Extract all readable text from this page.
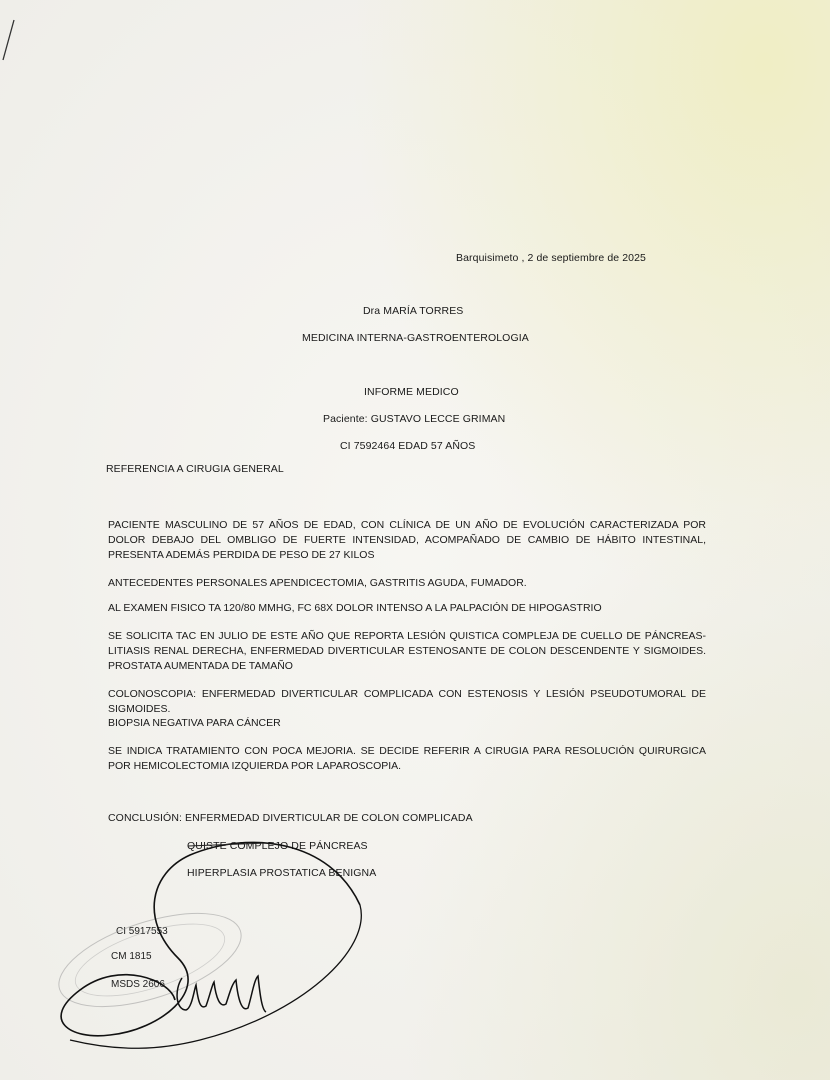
Barquisimeto , 2 de septiembre de 2025
Dra MARÍA TORRES
MEDICINA INTERNA-GASTROENTEROLOGIA
INFORME MEDICO
Paciente: GUSTAVO LECCE GRIMAN
CI 7592464 EDAD 57 AÑOS
REFERENCIA A CIRUGIA GENERAL
PACIENTE MASCULINO DE 57 AÑOS DE EDAD, CON CLÍNICA DE UN AÑO DE EVOLUCIÓN CARACTERIZADA POR DOLOR DEBAJO DEL OMBLIGO DE FUERTE INTENSIDAD, ACOMPAÑADO DE CAMBIO DE HÁBITO INTESTINAL, PRESENTA ADEMÁS PERDIDA DE PESO DE 27 KILOS
ANTECEDENTES PERSONALES APENDICECTOMIA, GASTRITIS AGUDA, FUMADOR.
AL EXAMEN FISICO TA 120/80 MMHG, FC 68X DOLOR INTENSO A LA PALPACIÓN DE HIPOGASTRIO
SE SOLICITA TAC EN JULIO DE ESTE AÑO QUE REPORTA LESIÓN QUISTICA COMPLEJA DE CUELLO DE PÁNCREAS- LITIASIS RENAL DERECHA, ENFERMEDAD DIVERTICULAR ESTENOSANTE DE COLON DESCENDENTE Y SIGMOIDES. PROSTATA AUMENTADA DE TAMAÑO
COLONOSCOPIA: ENFERMEDAD DIVERTICULAR COMPLICADA CON ESTENOSIS Y LESIÓN PSEUDOTUMORAL DE SIGMOIDES.
BIOPSIA NEGATIVA PARA CÁNCER
SE INDICA TRATAMIENTO CON POCA MEJORIA. SE DECIDE REFERIR A CIRUGIA PARA RESOLUCIÓN QUIRURGICA POR HEMICOLECTOMIA IZQUIERDA POR LAPAROSCOPIA.
CONCLUSIÓN: ENFERMEDAD DIVERTICULAR DE COLON COMPLICADA
QUISTE COMPLEJO DE PÁNCREAS
HIPERPLASIA PROSTATICA BENIGNA
CI 5917553
CM 1815
MSDS 2606
